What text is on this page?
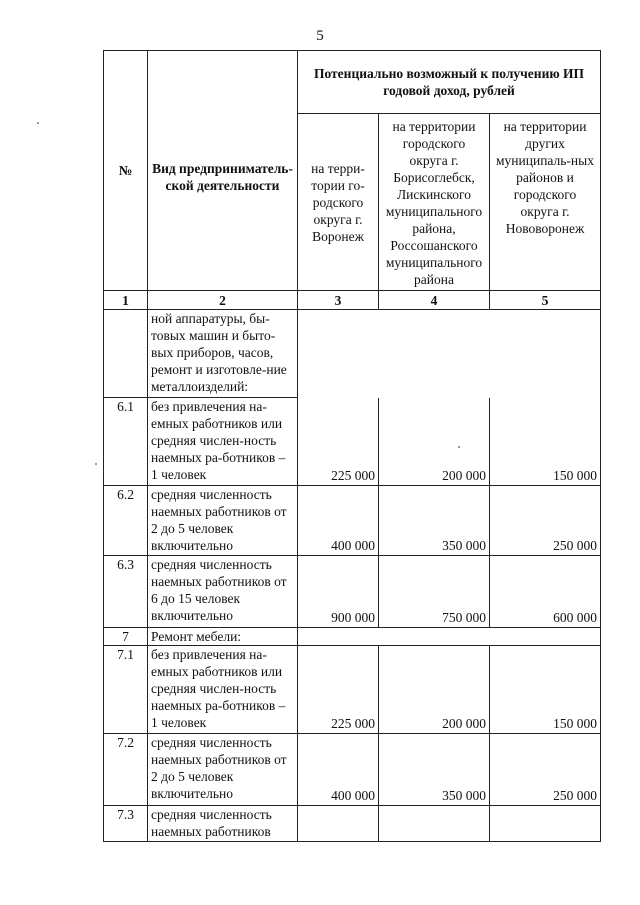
5
№	Вид предприниматель-ской деятельности	Потенциально возможный к получению ИП годовой доход, рублей		
		на терри-тории го-родского округа г. Воронеж	на территории городского округа г. Борисоглебск, Лискинского муниципального района, Россошанского муниципального района	на территории других муниципаль-ных районов и городского округа г. Нововоронеж
1	2	3	4	5
	ной аппаратуры, бы-товых машин и быто-вых приборов, часов, ремонт и изготовле-ние металлоизделий:			
6.1	без привлечения на-емных работников или средняя числен-ность наемных ра-ботников – 1 человек	225 000	200 000	150 000
6.2	средняя численность наемных работников от 2 до 5 человек включительно	400 000	350 000	250 000
6.3	средняя численность наемных работников от 6 до 15 человек включительно	900 000	750 000	600 000
7	Ремонт мебели:			
7.1	без привлечения на-емных работников или средняя числен-ность наемных ра-ботников – 1 человек	225 000	200 000	150 000
7.2	средняя численность наемных работников от 2 до 5 человек включительно	400 000	350 000	250 000
7.3	средняя численность наемных работников			
